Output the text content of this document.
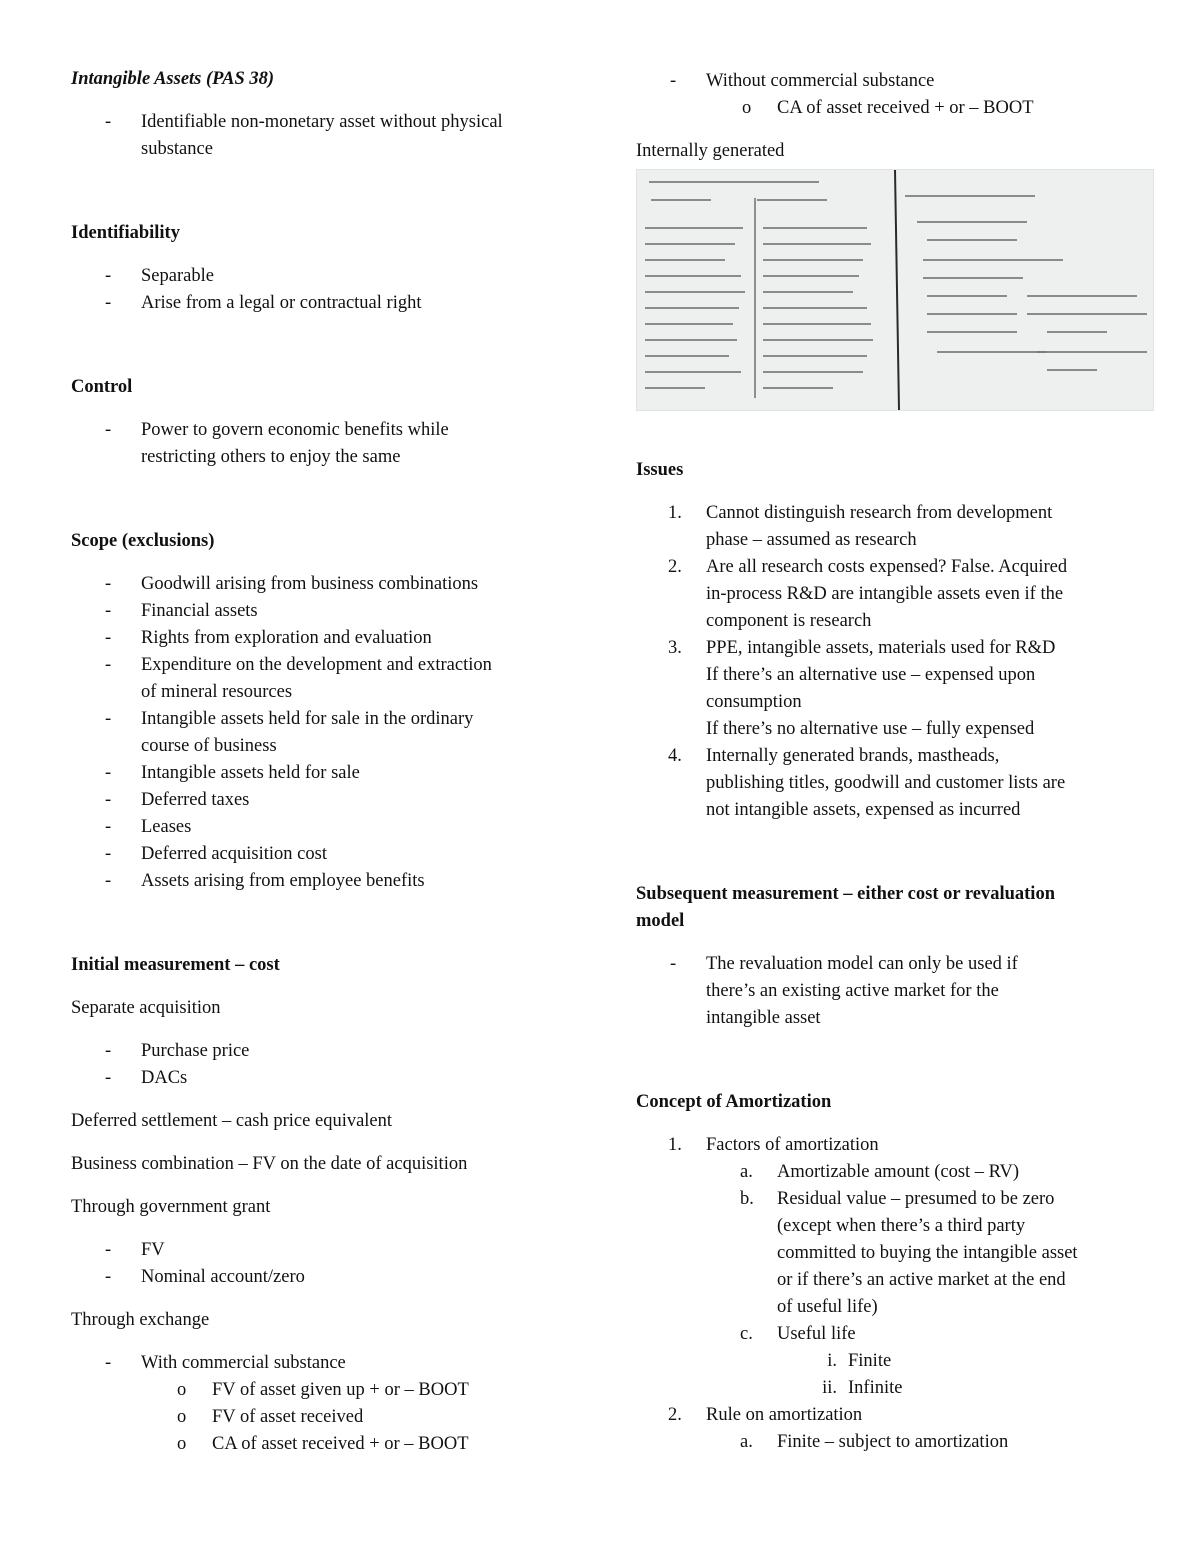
Intangible Assets (PAS 38)

-	Identifiable non-monetary asset without physical
substance

Identifiability

-	Separable
-	Arise from a legal or contractual right

Control

-	Power to govern economic benefits while
restricting others to enjoy the same

Scope (exclusions)

-	Goodwill arising from business combinations
-	Financial assets
-	Rights from exploration and evaluation
-	Expenditure on the development and extraction
of mineral resources
-	Intangible assets held for sale in the ordinary
course of business
-	Intangible assets held for sale
-	Deferred taxes
-	Leases
-	Deferred acquisition cost
-	Assets arising from employee benefits

Initial measurement – cost

Separate acquisition

-	Purchase price
-	DACs

Deferred settlement – cash price equivalent

Business combination – FV on the date of acquisition

Through government grant

-	FV
-	Nominal account/zero

Through exchange

-	With commercial substance
o FV of asset given up + or – BOOT
o FV of asset received
o CA of asset received + or – BOOT
-	Without commercial substance
o CA of asset received + or – BOOT

Internally generated

Issues

1.	Cannot distinguish research from development
phase – assumed as research
2.	Are all research costs expensed? False. Acquired
in-process R&D are intangible assets even if the
component is research
3.	PPE, intangible assets, materials used for R&D
If there’s an alternative use – expensed upon
consumption
If there’s no alternative use – fully expensed
4.	Internally generated brands, mastheads,
publishing titles, goodwill and customer lists are
not intangible assets, expensed as incurred

Subsequent measurement – either cost or revaluation
model

-	The revaluation model can only be used if
there’s an existing active market for the
intangible asset

Concept of Amortization

1.	Factors of amortization
a. Amortizable amount (cost – RV)
b. Residual value – presumed to be zero
(except when there’s a third party
committed to buying the intangible asset
or if there’s an active market at the end
of useful life)
c. Useful life
i. Finite
ii. Infinite
2.	Rule on amortization
a. Finite – subject to amortization
